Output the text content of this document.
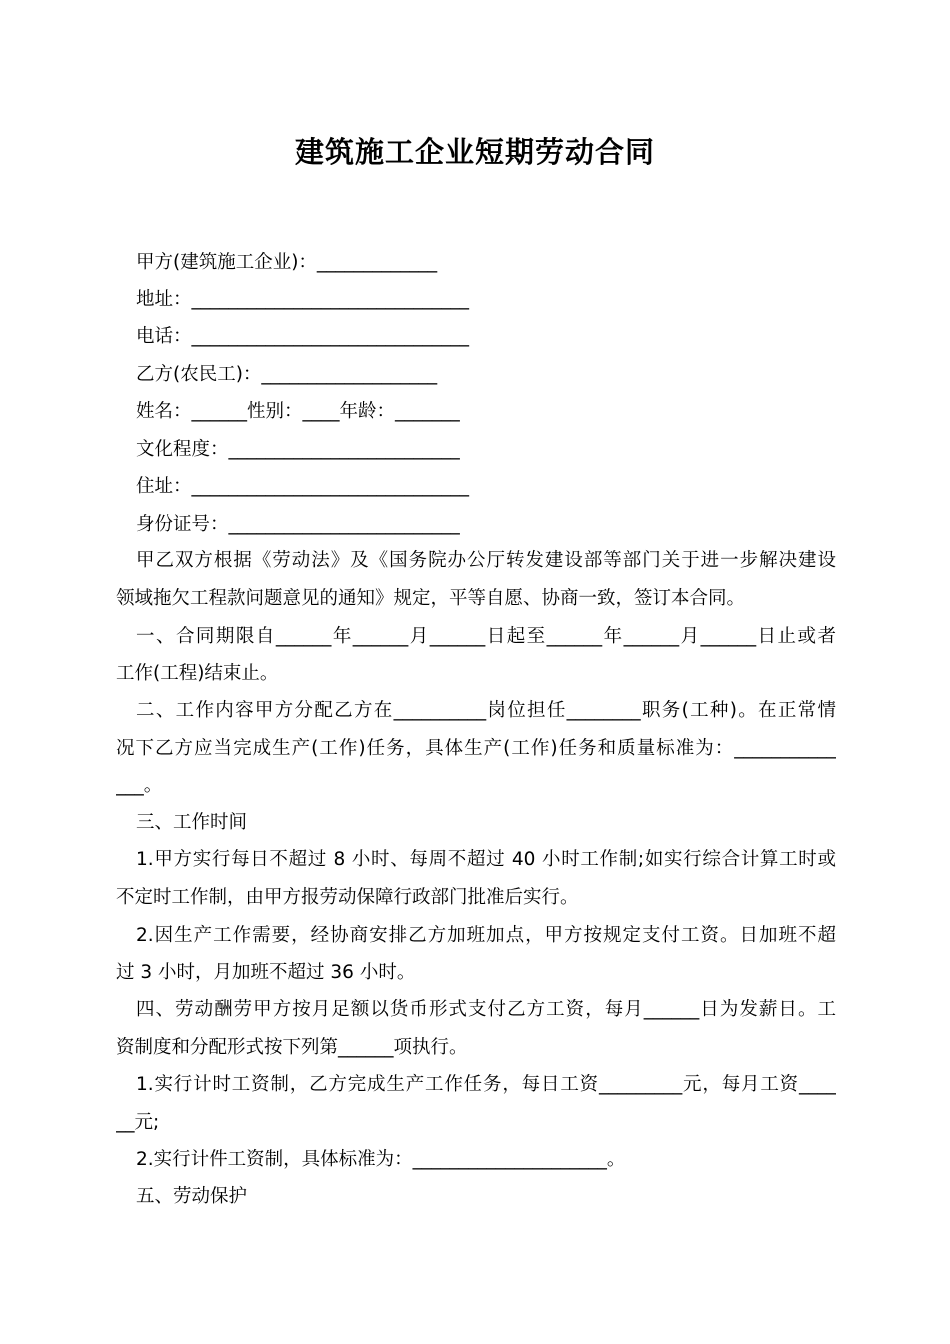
建筑施工企业短期劳动合同
甲方(建筑施工企业)：_____________
地址：______________________________
电话：______________________________
乙方(农民工)：___________________
姓名：______性别：____年龄：_______
文化程度：_________________________
住址：______________________________
身份证号：_________________________
甲乙双方根据《劳动法》及《国务院办公厅转发建设部等部门关于进一步解决建设
领域拖欠工程款问题意见的通知》规定，平等自愿、协商一致，签订本合同。
一、合同期限自______年______月______日起至______年______月______日止或者
工作(工程)结束止。
二、工作内容甲方分配乙方在__________岗位担任________职务(工种)。在正常情
况下乙方应当完成生产(工作)任务，具体生产(工作)任务和质量标准为：___________
___。
三、工作时间
1.甲方实行每日不超过 8 小时、每周不超过 40 小时工作制;如实行综合计算工时或
不定时工作制，由甲方报劳动保障行政部门批准后实行。
2.因生产工作需要，经协商安排乙方加班加点，甲方按规定支付工资。日加班不超
过 3 小时，月加班不超过 36 小时。
四、劳动酬劳甲方按月足额以货币形式支付乙方工资，每月______日为发薪日。工
资制度和分配形式按下列第______项执行。
1.实行计时工资制，乙方完成生产工作任务，每日工资_________元，每月工资____
__元;
2.实行计件工资制，具体标准为：_____________________。
五、劳动保护
